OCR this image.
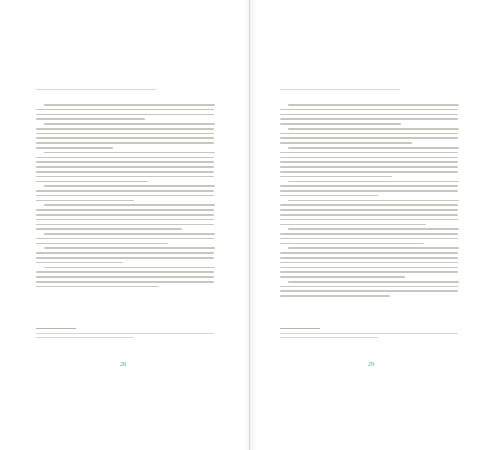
28	29
